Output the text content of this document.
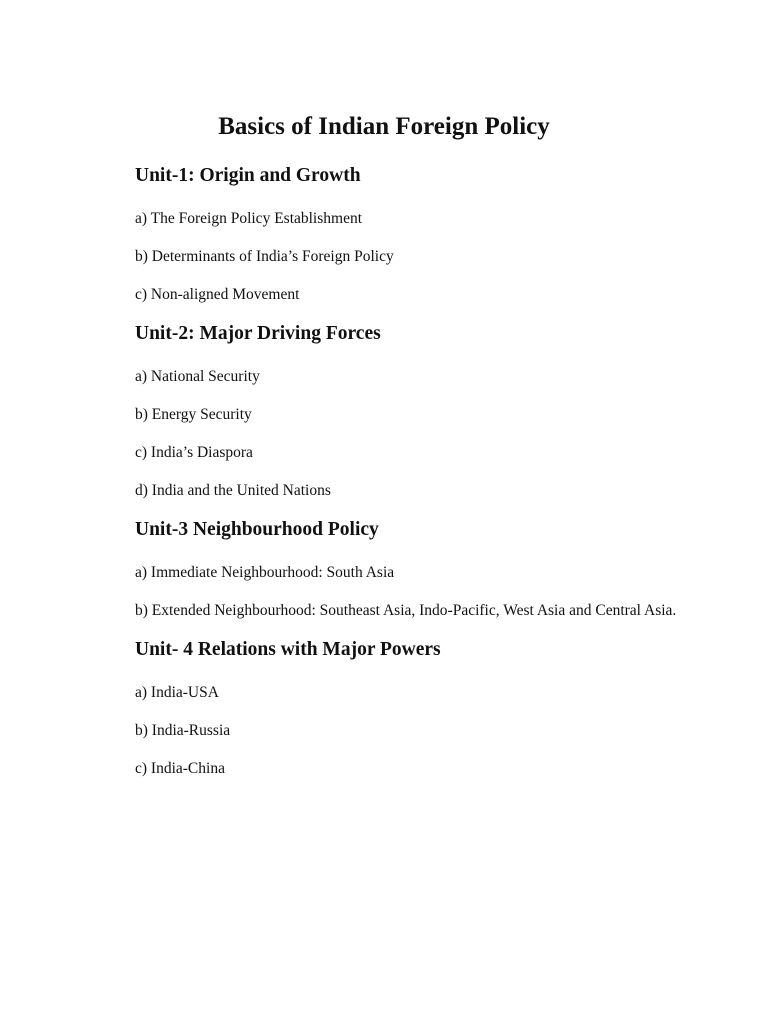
Basics of Indian Foreign Policy
Unit-1: Origin and Growth
a) The Foreign Policy Establishment
b) Determinants of India’s Foreign Policy
c) Non-aligned Movement
Unit-2: Major Driving Forces
a) National Security
b) Energy Security
c) India’s Diaspora
d) India and the United Nations
Unit-3 Neighbourhood Policy
a) Immediate Neighbourhood: South Asia
b) Extended Neighbourhood: Southeast Asia, Indo-Pacific, West Asia and Central Asia.
Unit- 4 Relations with Major Powers
a) India-USA
b) India-Russia
c) India-China
